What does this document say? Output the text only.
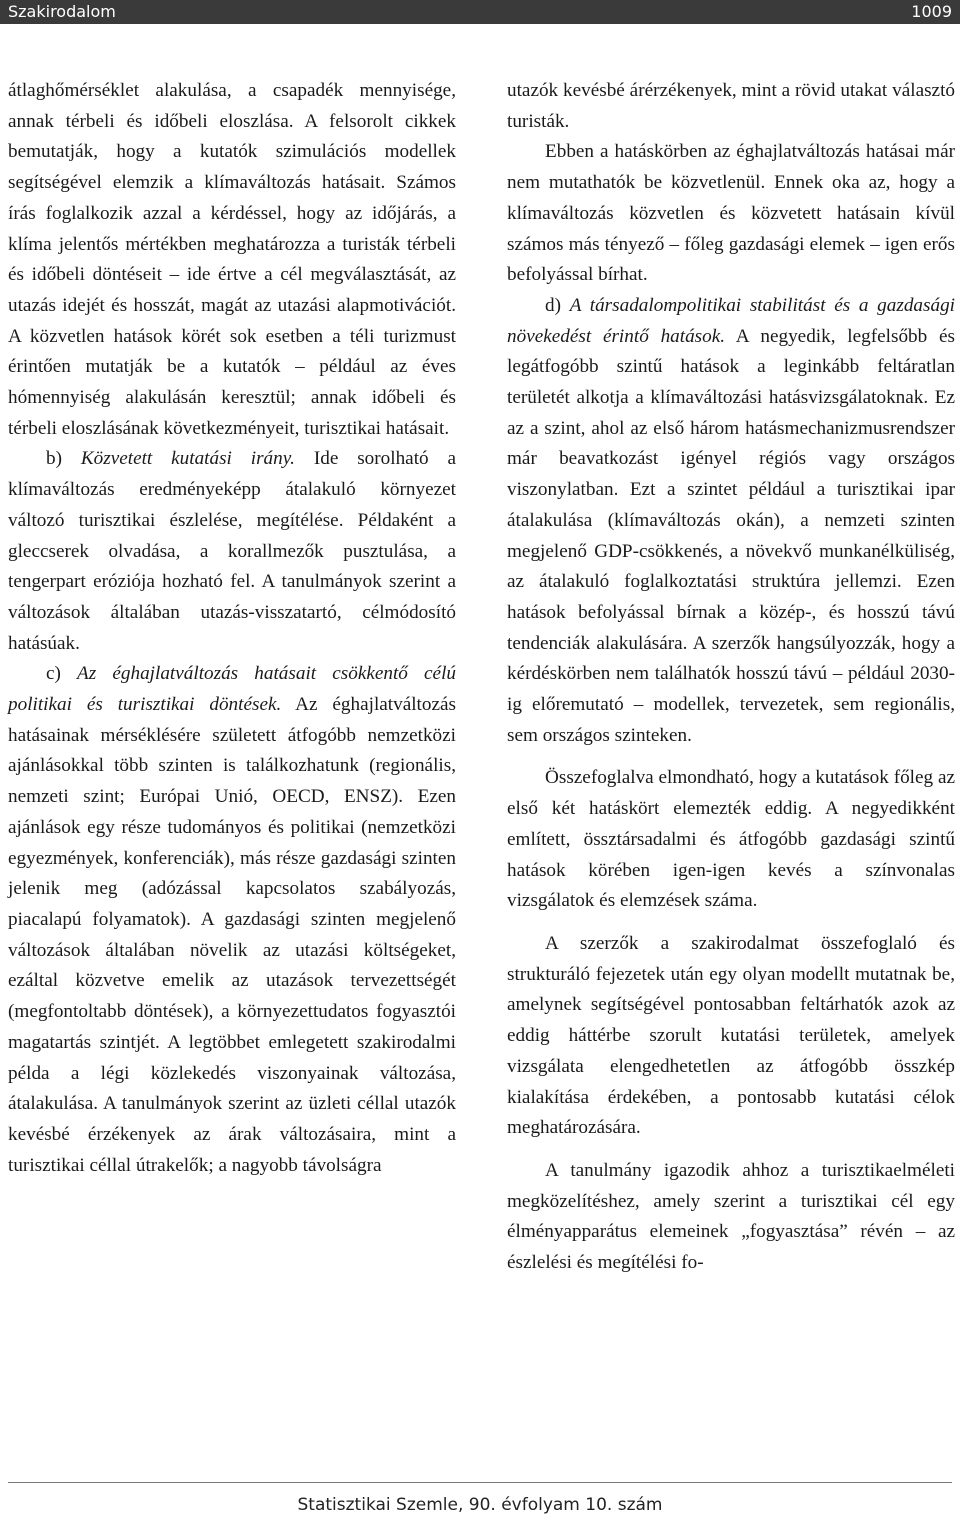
Szakirodalom	1009

átlaghőmérséklet alakulása, a csapadék mennyisége, annak térbeli és időbeli eloszlása. A felsorolt cikkek bemutatják, hogy a kutatók szimulációs modellek segítségével elemzik a klímaváltozás hatásait. Számos írás foglalkozik azzal a kérdéssel, hogy az időjárás, a klíma jelentős mértékben meghatározza a turisták térbeli és időbeli döntéseit – ide értve a cél megválasztását, az utazás idejét és hosszát, magát az utazási alapmotivációt. A közvetlen hatások körét sok esetben a téli turizmust érintően mutatják be a kutatók – például az éves hómennyiség alakulásán keresztül; annak időbeli és térbeli eloszlásának következményeit, turisztikai hatásait.

b) Közvetett kutatási irány. Ide sorolható a klímaváltozás eredményeképp átalakuló környezet változó turisztikai észlelése, megítélése. Példaként a gleccserek olvadása, a korallmezők pusztulása, a tengerpart eróziója hozható fel. A tanulmányok szerint a változások általában utazás-visszatartó, célmódosító hatásúak.

c) Az éghajlatváltozás hatásait csökkentő célú politikai és turisztikai döntések. Az éghajlatváltozás hatásainak mérséklésére született átfogóbb nemzetközi ajánlásokkal több szinten is találkozhatunk (regionális, nemzeti szint; Európai Unió, OECD, ENSZ). Ezen ajánlások egy része tudományos és politikai (nemzetközi egyezmények, konferenciák), más része gazdasági szinten jelenik meg (adózással kapcsolatos szabályozás, piacalapú folyamatok). A gazdasági szinten megjelenő változások általában növelik az utazási költségeket, ezáltal közvetve emelik az utazások tervezettségét (megfontoltabb döntések), a környezettudatos fogyasztói magatartás szintjét. A legtöbbet emlegetett szakirodalmi példa a légi közlekedés viszonyainak változása, átalakulása. A tanulmányok szerint az üzleti céllal utazók kevésbé érzékenyek az árak változásaira, mint a turisztikai céllal útrakelők; a nagyobb távolságra

utazók kevésbé árérzékenyek, mint a rövid utakat választó turisták.

Ebben a hatáskörben az éghajlatváltozás hatásai már nem mutathatók be közvetlenül. Ennek oka az, hogy a klímaváltozás közvetlen és közvetett hatásain kívül számos más tényező – főleg gazdasági elemek – igen erős befolyással bírhat.

d) A társadalompolitikai stabilitást és a gazdasági növekedést érintő hatások. A negyedik, legfelsőbb és legátfogóbb szintű hatások a leginkább feltáratlan területét alkotja a klímaváltozási hatásvizsgálatoknak. Ez az a szint, ahol az első három hatásmechanizmusrendszer már beavatkozást igényel régiós vagy országos viszonylatban. Ezt a szintet például a turisztikai ipar átalakulása (klímaváltozás okán), a nemzeti szinten megjelenő GDP-csökkenés, a növekvő munkanélküliség, az átalakuló foglalkoztatási struktúra jellemzi. Ezen hatások befolyással bírnak a közép-, és hosszú távú tendenciák alakulására. A szerzők hangsúlyozzák, hogy a kérdéskörben nem találhatók hosszú távú – például 2030-ig előremutató – modellek, tervezetek, sem regionális, sem országos szinteken.

Összefoglalva elmondható, hogy a kutatások főleg az első két hatáskört elemezték eddig. A negyedikként említett, össztársadalmi és átfogóbb gazdasági szintű hatások körében igen-igen kevés a színvonalas vizsgálatok és elemzések száma.

A szerzők a szakirodalmat összefoglaló és strukturáló fejezetek után egy olyan modellt mutatnak be, amelynek segítségével pontosabban feltárhatók azok az eddig háttérbe szorult kutatási területek, amelyek vizsgálata elengedhetetlen az átfogóbb összkép kialakítása érdekében, a pontosabb kutatási célok meghatározására.

A tanulmány igazodik ahhoz a turisztikaelméleti megközelítéshez, amely szerint a turisztikai cél egy élményapparátus elemeinek „fogyasztása” révén – az észlelési és megítélési fo-

Statisztikai Szemle, 90. évfolyam 10. szám
